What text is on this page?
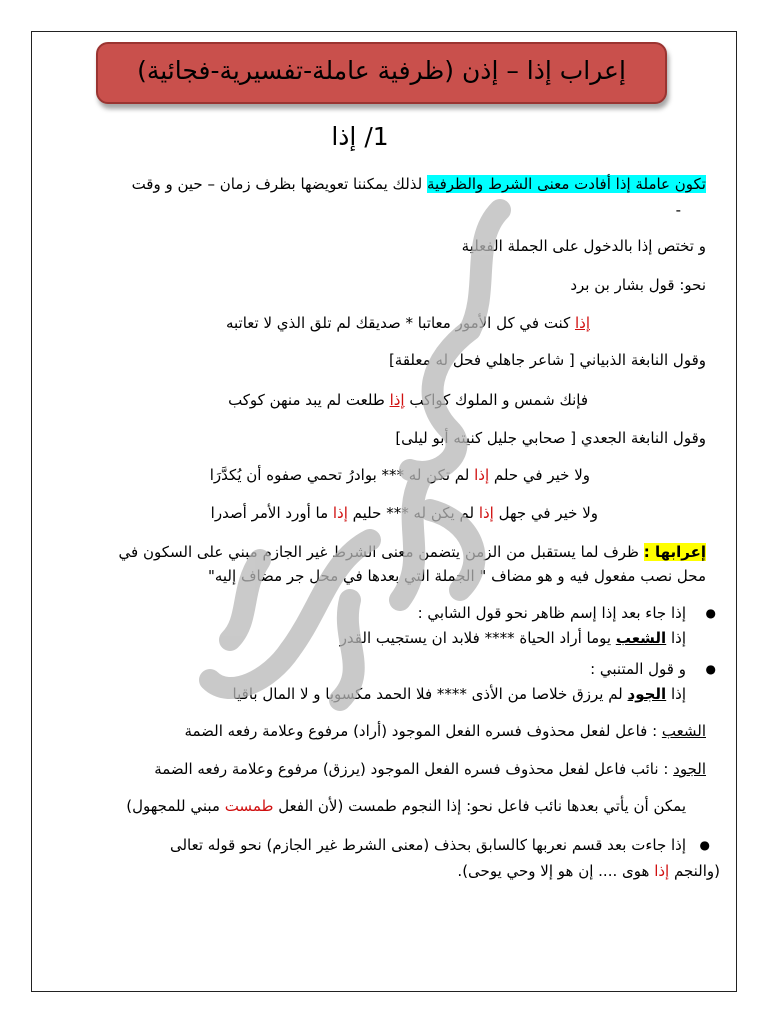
إعراب إذا – إذن (ظرفية عاملة-تفسيرية-فجائية)
1/ إذا
تكون عاملة إذا أفادت معنى الشرط والظرفية لذلك يمكننا تعويضها بظرف زمان – حين و وقت
-
و تختص إذا بالدخول على الجملة الفعلية
نحو: قول بشار بن برد
إذا كنت في كل الأمور معاتبا * صديقك لم تلق الذي لا تعاتبه
وقول النابغة الذبياني [ شاعر جاهلي فحل له معلقة]
فإنك شمس و الملوك كواكب إذا طلعت لم يبد منهن كوكب
وقول النابغة الجعدي [ صحابي جليل كنيته أبو ليلى]
ولا خير في حلم إذا لم تكن له *** بوادرُ تحمي صفوه أن يُكدَّرَا
ولا خير في جهل إذا لم يكن له *** حليم إذا ما أورد الأمر أصدرا
إعرابها : ظرف لما يستقبل من الزمن يتضمن معنى الشرط غير الجازم مبني على السكون في
محل نصب مفعول فيه و هو مضاف " الجملة التي بعدها في محل جر مضاف إليه"
●
إذا جاء بعد إذا إسم ظاهر نحو قول الشابي :
إذا الشعب يوما أراد الحياة **** فلابد ان يستجيب القدر
●
و قول المتنبي :
إذا الجود لم يرزق خلاصا من الأذى **** فلا الحمد مكسوبا و لا المال باقيا
الشعب : فاعل لفعل محذوف فسره الفعل الموجود (أراد) مرفوع وعلامة رفعه الضمة
الجود : نائب فاعل لفعل محذوف فسره الفعل الموجود (يرزق) مرفوع وعلامة رفعه الضمة
يمكن أن يأتي بعدها نائب فاعل نحو: إذا النجوم طمست (لأن الفعل طمست مبني للمجهول)
●
إذا جاءت بعد قسم نعربها كالسابق بحذف (معنى الشرط غير الجازم) نحو قوله تعالى
(والنجم إذا هوى .... إن هو إلا وحي يوحى).
